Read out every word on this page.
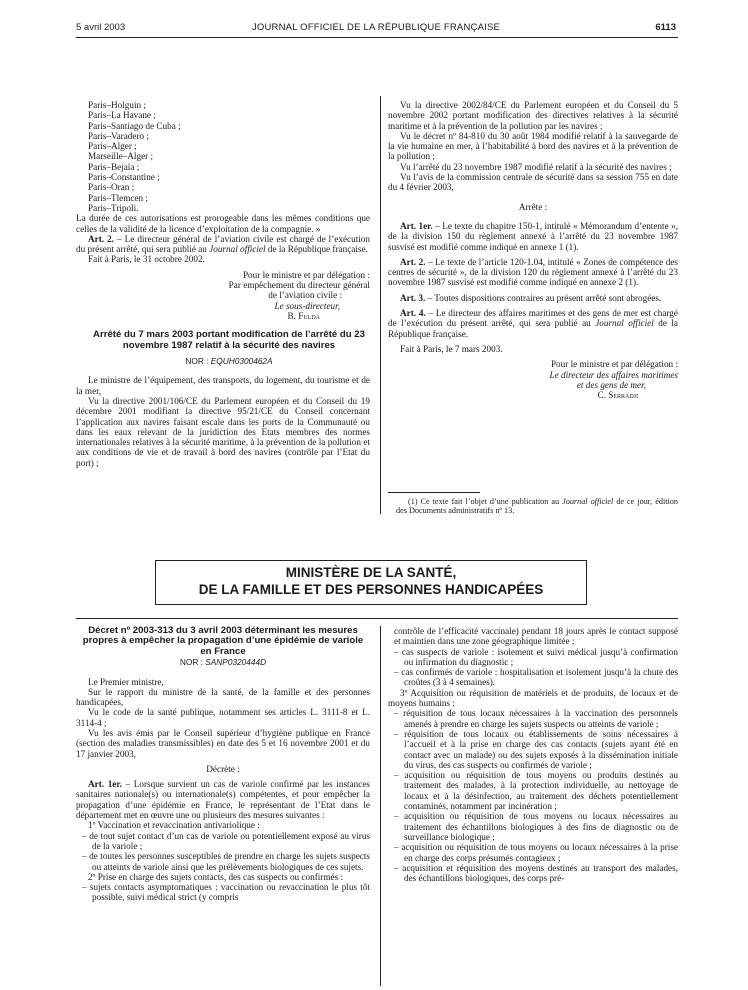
5 avril 2003	JOURNAL OFFICIEL DE LA RÉPUBLIQUE FRANÇAISE	6113

Paris–Holguin ;

Paris–La Havane ;

Paris–Santiago de Cuba ;

Paris–Varadero ;

Paris–Alger ;

Marseille–Alger ;

Paris–Bejaïa ;

Paris–Constantine ;

Paris–Oran ;

Paris–Tlemcen ;

Paris–Tripoli.

La durée de ces autorisations est prorogeable dans les mêmes conditions que celles de la validité de la licence d’exploitation de la compagnie. »

Art. 2. – Le directeur général de l’aviation civile est chargé de l’exécution du présent arrêté, qui sera publié au Journal officiel de la République française.

Fait à Paris, le 31 octobre 2002.

Pour le ministre et par délégation :

Par empêchement du directeur général

de l’aviation civile :

Le sous-directeur,

B. Fulda

Arrêté du 7 mars 2003 portant modification de l’arrêté du 23 novembre 1987 relatif à la sécurité des navires

NOR : EQUH0300462A

Le ministre de l’équipement, des transports, du logement, du tourisme et de la mer,

Vu la directive 2001/106/CE du Parlement européen et du Conseil du 19 décembre 2001 modifiant la directive 95/21/CE du Conseil concernant l’application aux navires faisant escale dans les ports de la Communauté ou dans les eaux relevant de la juridiction des Etats membres des normes internationales relatives à la sécurité maritime, à la prévention de la pollution et aux conditions de vie et de travail à bord des navires (contrôle par l’Etat du port) ;

Vu la directive 2002/84/CE du Parlement européen et du Conseil du 5 novembre 2002 portant modification des directives relatives à la sécurité maritime et à la prévention de la pollution par les navires ;

Vu le décret nº 84-810 du 30 août 1984 modifié relatif à la sauvegarde de la vie humaine en mer, à l’habitabilité à bord des navires et à la prévention de la pollution ;

Vu l’arrêté du 23 novembre 1987 modifié relatif à la sécurité des navires ;

Vu l’avis de la commission centrale de sécurité dans sa session 755 en date du 4 février 2003,

Arrête :

Art. 1er. – Le texte du chapitre 150-1, intitulé « Mémorandum d’entente », de la division 150 du règlement annexé à l’arrêté du 23 novembre 1987 susvisé est modifié comme indiqué en annexe 1 (1).

Art. 2. – Le texte de l’article 120-1.04, intitulé « Zones de compétence des centres de sécurité », de la division 120 du règlement annexé à l’arrêté du 23 novembre 1987 susvisé est modifié comme indiqué en annexe 2 (1).

Art. 3. – Toutes dispositions contraires au présent arrêté sont abrogées.

Art. 4. – Le directeur des affaires maritimes et des gens de mer est chargé de l’exécution du présent arrêté, qui sera publié au Journal officiel de la République française.

Fait à Paris, le 7 mars 2003.

Pour le ministre et par délégation :

Le directeur des affaires maritimes

et des gens de mer,

C. Serradji

(1) Ce texte fait l’objet d’une publication au Journal officiel de ce jour, édition des Documents administratifs nº 13.

MINISTÈRE DE LA SANTÉ,
DE LA FAMILLE ET DES PERSONNES HANDICAPÉES

Décret nº 2003-313 du 3 avril 2003 déterminant les mesures propres à empêcher la propagation d’une épidémie de variole en France

NOR : SANP0320444D

Le Premier ministre,

Sur le rapport du ministre de la santé, de la famille et des personnes handicapées,

Vu le code de la santé publique, notamment ses articles L. 3111-8 et L. 3114-4 ;

Vu les avis émis par le Conseil supérieur d’hygiène publique en France (section des maladies transmissibles) en date des 5 et 16 novembre 2001 et du 17 janvier 2003,

Décrète :

Art. 1er. – Lorsque survient un cas de variole confirmé par les instances sanitaires nationale(s) ou internationale(s) compétentes, et pour empêcher la propagation d’une épidémie en France, le représentant de l’Etat dans le département met en œuvre une ou plusieurs des mesures suivantes :

1º Vaccination et revaccination antivariolique :

– de tout sujet contact d’un cas de variole ou potentiellement exposé au virus de la variole ;

– de toutes les personnes susceptibles de prendre en charge les sujets suspects ou atteints de variole ainsi que les prélèvements biologiques de ces sujets.

2º Prise en charge des sujets contacts, des cas suspects ou confirmés :

– sujets contacts asymptomatiques : vaccination ou revaccination le plus tôt possible, suivi médical strict (y compris

contrôle de l’efficacité vaccinale) pendant 18 jours après le contact supposé et maintien dans une zone géographique limitée ;

– cas suspects de variole : isolement et suivi médical jusqu’à confirmation ou infirmation du diagnostic ;

– cas confirmés de variole : hospitalisation et isolement jusqu’à la chute des croûtes (3 à 4 semaines).

3º Acquisition ou réquisition de matériels et de produits, de locaux et de moyens humains :

– réquisition de tous locaux nécessaires à la vaccination des personnels amenés à prendre en charge les sujets suspects ou atteints de variole ;

– réquisition de tous locaux ou établissements de soins nécessaires à l’accueil et à la prise en charge des cas contacts (sujets ayant été en contact avec un malade) ou des sujets exposés à la dissémination initiale du virus, des cas suspects ou confirmés de variole ;

– acquisition ou réquisition de tous moyens ou produits destinés au traitement des malades, à la protection individuelle, au nettoyage de locaux et à la désinfection, au traitement des déchets potentiellement contaminés, notamment par incinération ;

– acquisition ou réquisition de tous moyens ou locaux nécessaires au traitement des échantillons biologiques à des fins de diagnostic ou de surveillance biologique ;

– acquisition ou réquisition de tous moyens ou locaux nécessaires à la prise en charge des corps présumés contagieux ;

– acquisition et réquisition des moyens destinés au transport des malades, des échantillons biologiques, des corps pré-
